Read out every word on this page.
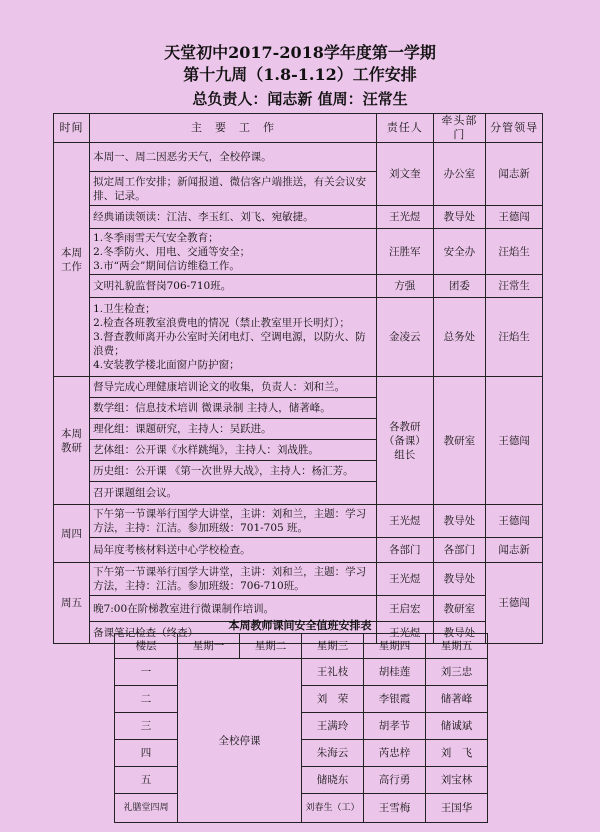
天堂初中2017-2018学年度第一学期
第十九周（1.8-1.12）工作安排
总负责人：闻志新 值周：汪常生
时间	主　要　工　作	责任人	牵头部门	分管领导
本周工作	本周一、周二因恶劣天气，全校停课。	刘文奎	办公室	闻志新
	拟定周工作安排；新闻报道、微信客户端推送，有关会议安排、记录。			
	经典诵读领读：江洁、李玉红、刘飞、宛敏捷。	王光煜	教导处	王德闯
	1.冬季雨雪天气安全教育；
2.冬季防火、用电、交通等安全；
3.市“两会”期间信访维稳工作。	汪胜军	安全办	汪焰生
	文明礼貌监督岗706-710班。	方强	团委	汪常生
	1.卫生检查；
2.检查各班教室浪费电的情况（禁止教室里开长明灯）；
3.督查教师离开办公室时关闭电灯、空调电源，以防火、防浪费；
4.安装教学楼北面窗户防护窗；	金凌云	总务处	汪焰生
本周教研	督导完成心理健康培训论文的收集，负责人：刘和兰。	各教研（备课）组长	教研室	王德闯
	数学组：信息技术培训 微课录制 主持人，储著峰。			
	理化组：课题研究，主持人：吴跃进。			
	艺体组：公开课《水样跳绳》，主持人：刘战胜。			
	历史组：公开课 《第一次世界大战》，主持人：杨汇芳。			
	召开课题组会议。			
周四	下午第一节课举行国学大讲堂，主讲：刘和兰，主题：学习方法，主持：江洁。参加班级：701-705 班。	王光煜	教导处	王德闯
	局年度考核材料送中心学校检查。	各部门	各部门	闻志新
周五	下午第一节课举行国学大讲堂，主讲：刘和兰，主题：学习方法，主持：江洁。参加班级：706-710班。	王光煜	教导处	王德闯
	晚7:00在阶梯教室进行微课制作培训。	王启宏	教研室	
	备课笔记检查（终查）	王光煜	教导处	
本周教师课间安全值班安排表
楼层	星期一	星期二	星期三	星期四	星期五
一	全校停课		王礼枝	胡桂莲	刘三忠
二			刘　荣	李银霞	储著峰
三			王满玲	胡孝节	储诚斌
四			朱海云	芮忠梓	刘　飞
五			储晓东	高行勇	刘宝林
礼膳堂四周			刘春生（工）	王雪梅	王国华
